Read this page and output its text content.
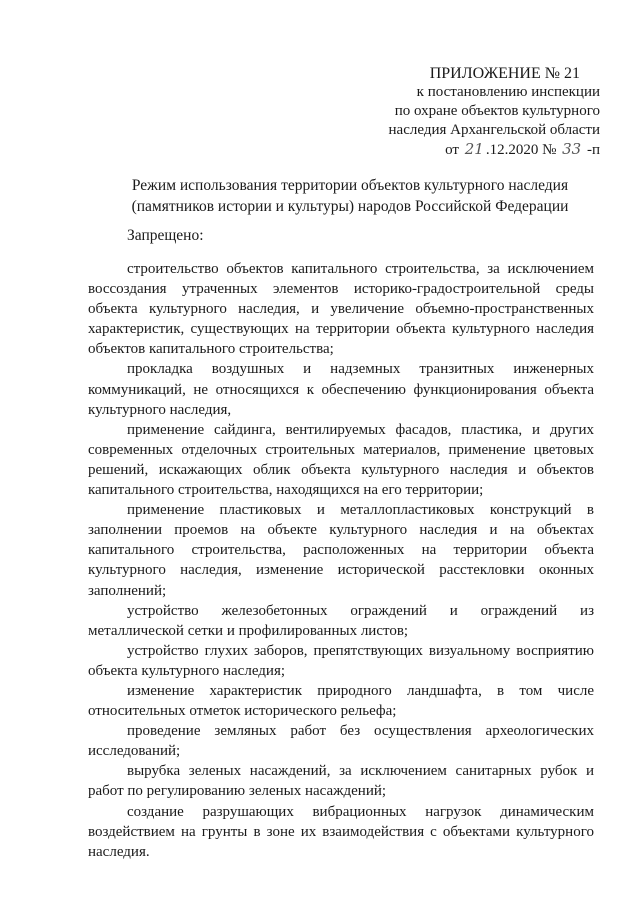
ПРИЛОЖЕНИЕ № 21
к постановлению инспекции
по охране объектов культурного
наследия Архангельской области
от 21 .12.2020 № 33 -п
Режим использования территории объектов культурного наследия
(памятников истории и культуры) народов Российской Федерации
Запрещено:

строительство объектов капитального строительства, за исключением воссоздания утраченных элементов историко-градостроительной среды объекта культурного наследия, и увеличение объемно-пространственных характеристик, существующих на территории объекта культурного наследия объектов капитального строительства;

прокладка воздушных и надземных транзитных инженерных коммуникаций, не относящихся к обеспечению функционирования объекта культурного наследия,

применение сайдинга, вентилируемых фасадов, пластика, и других современных отделочных строительных материалов, применение цветовых решений, искажающих облик объекта культурного наследия и объектов капитального строительства, находящихся на его территории;

применение пластиковых и металлопластиковых конструкций в заполнении проемов на объекте культурного наследия и на объектах капитального строительства, расположенных на территории объекта культурного наследия, изменение исторической расстекловки оконных заполнений;

устройство железобетонных ограждений и ограждений из металлической сетки и профилированных листов;

устройство глухих заборов, препятствующих визуальному восприятию объекта культурного наследия;

изменение характеристик природного ландшафта, в том числе относительных отметок исторического рельефа;

проведение земляных работ без осуществления археологических исследований;

вырубка зеленых насаждений, за исключением санитарных рубок и работ по регулированию зеленых насаждений;

создание разрушающих вибрационных нагрузок динамическим воздействием на грунты в зоне их взаимодействия с объектами культурного наследия.
